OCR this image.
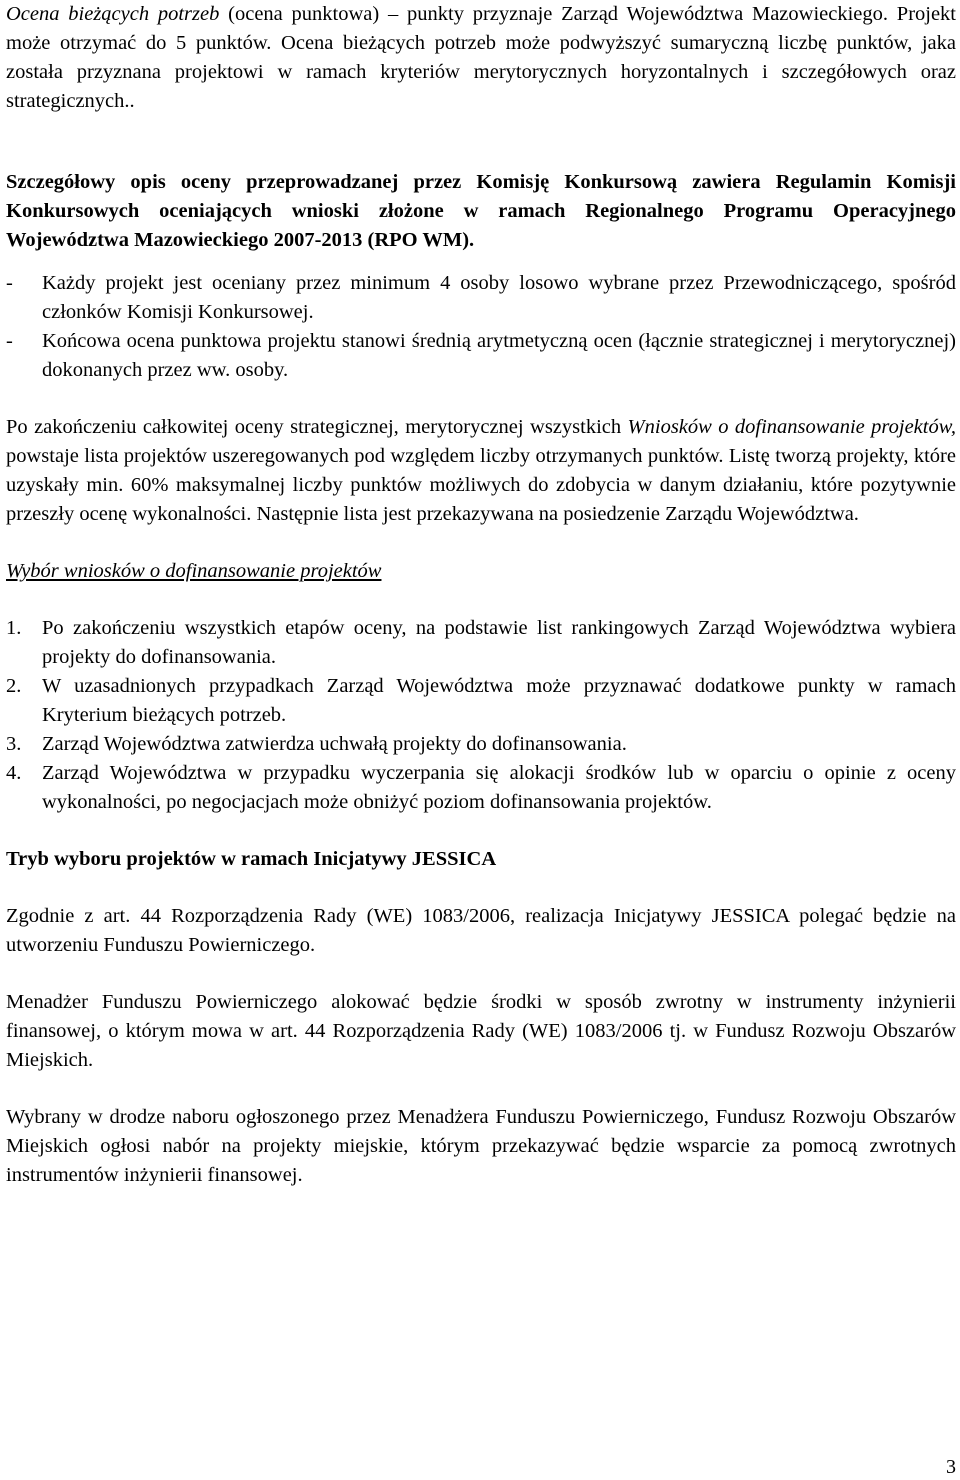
Ocena bieżących potrzeb (ocena punktowa) – punkty przyznaje Zarząd Województwa Mazowieckiego. Projekt może otrzymać do 5 punktów. Ocena bieżących potrzeb może podwyższyć sumaryczną liczbę punktów, jaka została przyznana projektowi w ramach kryteriów merytorycznych horyzontalnych i szczegółowych oraz strategicznych..

Szczegółowy opis oceny przeprowadzanej przez Komisję Konkursową zawiera Regulamin Komisji Konkursowych oceniających wnioski złożone w ramach Regionalnego Programu Operacyjnego Województwa Mazowieckiego 2007-2013 (RPO WM).

- Każdy projekt jest oceniany przez minimum 4 osoby losowo wybrane przez Przewodniczącego, spośród członków Komisji Konkursowej.
- Końcowa ocena punktowa projektu stanowi średnią arytmetyczną ocen (łącznie strategicznej i merytorycznej) dokonanych przez ww. osoby.

Po zakończeniu całkowitej oceny strategicznej, merytorycznej wszystkich Wniosków o dofinansowanie projektów, powstaje lista projektów uszeregowanych pod względem liczby otrzymanych punktów. Listę tworzą projekty, które uzyskały min. 60% maksymalnej liczby punktów możliwych do zdobycia w danym działaniu, które pozytywnie przeszły ocenę wykonalności. Następnie lista jest przekazywana na posiedzenie Zarządu Województwa.

Wybór wniosków o dofinansowanie projektów

1. Po zakończeniu wszystkich etapów oceny, na podstawie list rankingowych Zarząd Województwa wybiera projekty do dofinansowania.
2. W uzasadnionych przypadkach Zarząd Województwa może przyznawać dodatkowe punkty w ramach Kryterium bieżących potrzeb.
3. Zarząd Województwa zatwierdza uchwałą projekty do dofinansowania.
4. Zarząd Województwa w przypadku wyczerpania się alokacji środków lub w oparciu o opinie z oceny wykonalności, po negocjacjach może obniżyć poziom dofinansowania projektów.

Tryb wyboru projektów w ramach Inicjatywy JESSICA

Zgodnie z art. 44 Rozporządzenia Rady (WE) 1083/2006, realizacja Inicjatywy JESSICA polegać będzie na utworzeniu Funduszu Powierniczego.

Menadżer Funduszu Powierniczego alokować będzie środki w sposób zwrotny w instrumenty inżynierii finansowej, o którym mowa w art. 44 Rozporządzenia Rady (WE) 1083/2006 tj. w Fundusz Rozwoju Obszarów Miejskich.

Wybrany w drodze naboru ogłoszonego przez Menadżera Funduszu Powierniczego, Fundusz Rozwoju Obszarów Miejskich ogłosi nabór na projekty miejskie, którym przekazywać będzie wsparcie za pomocą zwrotnych instrumentów inżynierii finansowej.

3
